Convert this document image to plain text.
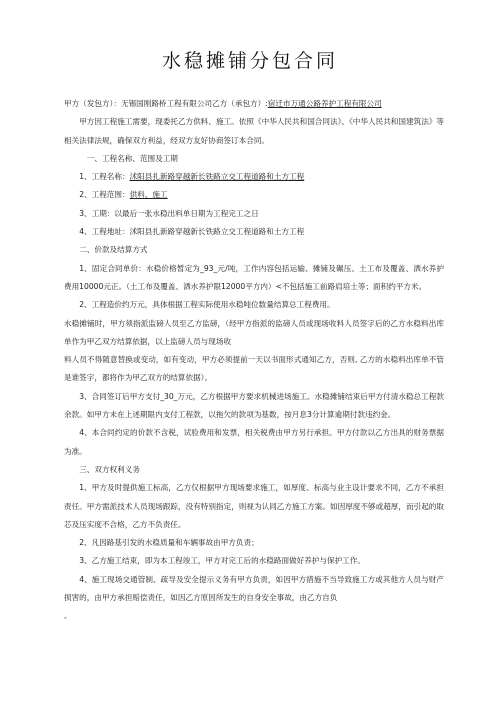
水稳摊铺分包合同

甲方（发包方）：无锡国刚路桥工程有限公司乙方（承包方）:宿迁市万通公路养护工程有限公司

甲方因工程施工需要，现委托乙方供料、施工。依照《中华人民共和国合同法》、《中华人民共和国建筑法》等相关法律法规，确保双方利益，经双方友好协商签订本合同。

一、工程名称、范围及工期

1、工程名称：沭阳县扎新路穿越新长铁路立交工程道路和土方工程

2、工程范围：供料、施工

3、工期：以最后一张水稳出料单日期为工程完工之日

4、工程地址：沭阳县扎新路穿越新长铁路立交工程道路和土方工程

二、价款及结算方式

1、固定合同单价：水稳价格暂定为_93_元/吨，工作内容包括运输、摊铺及碾压、土工布及覆盖、洒水养护费用10000元正。（土工布及覆盖、洒水养护限12000平方内）<不包括施工前路肩培土等；面积约平方米。

2、工程造价约万元，具体根据工程实际使用水稳吨位数量结算总工程费用。

水稳摊铺时，甲方须指派监磅人员至乙方监磅，（经甲方指派的监磅人员或现场收料人员签字后的乙方水稳料出库单作为甲乙双方结算依据，以上监磅人员与现场收

料人员不得随意替换或变动，如有变动，甲方必须提前一天以书面形式通知乙方，否则, 乙方的水稳料出库单不管是谁签字，都将作为甲乙双方的结算依据）。

3、合同签订后甲方支付_30_万元，乙方根据甲方要求机械进场施工。水稳摊铺结束后甲方付清水稳总工程款余款。如甲方未在上述期限内支付工程款，以拖欠的款项为基数，按月息3分计算逾期付款违约金。

4、本合同约定的价款不含税，试验费用和发票，相关税费由甲方另行承担。甲方付款以乙方出具的财务票据为准。

三、双方权利义务

1、甲方及时提供施工标高，乙方仅根据甲方现场要求施工，如厚度、标高与业主设计要求不同，乙方不承担责任。甲方需派技术人员现场跟踪，没有特别指定，则视为认同乙方施工方案。如因厚度不够或超厚，而引起的取芯及压实度不合格，乙方不负责任。

2、凡因路基引发的水稳质量和车辆事故由甲方负责；

3、乙方施工结束，即为本工程竣工，甲方对完工后的水稳路面做好养护与保护工作。

4、施工现场交通管制、疏导及安全提示义务有甲方负责，如因甲方措施不当导致施工方或其他方人员与财产损害的，由甲方承担赔偿责任，如因乙方原因所发生的自身安全事故，由乙方自负

。
